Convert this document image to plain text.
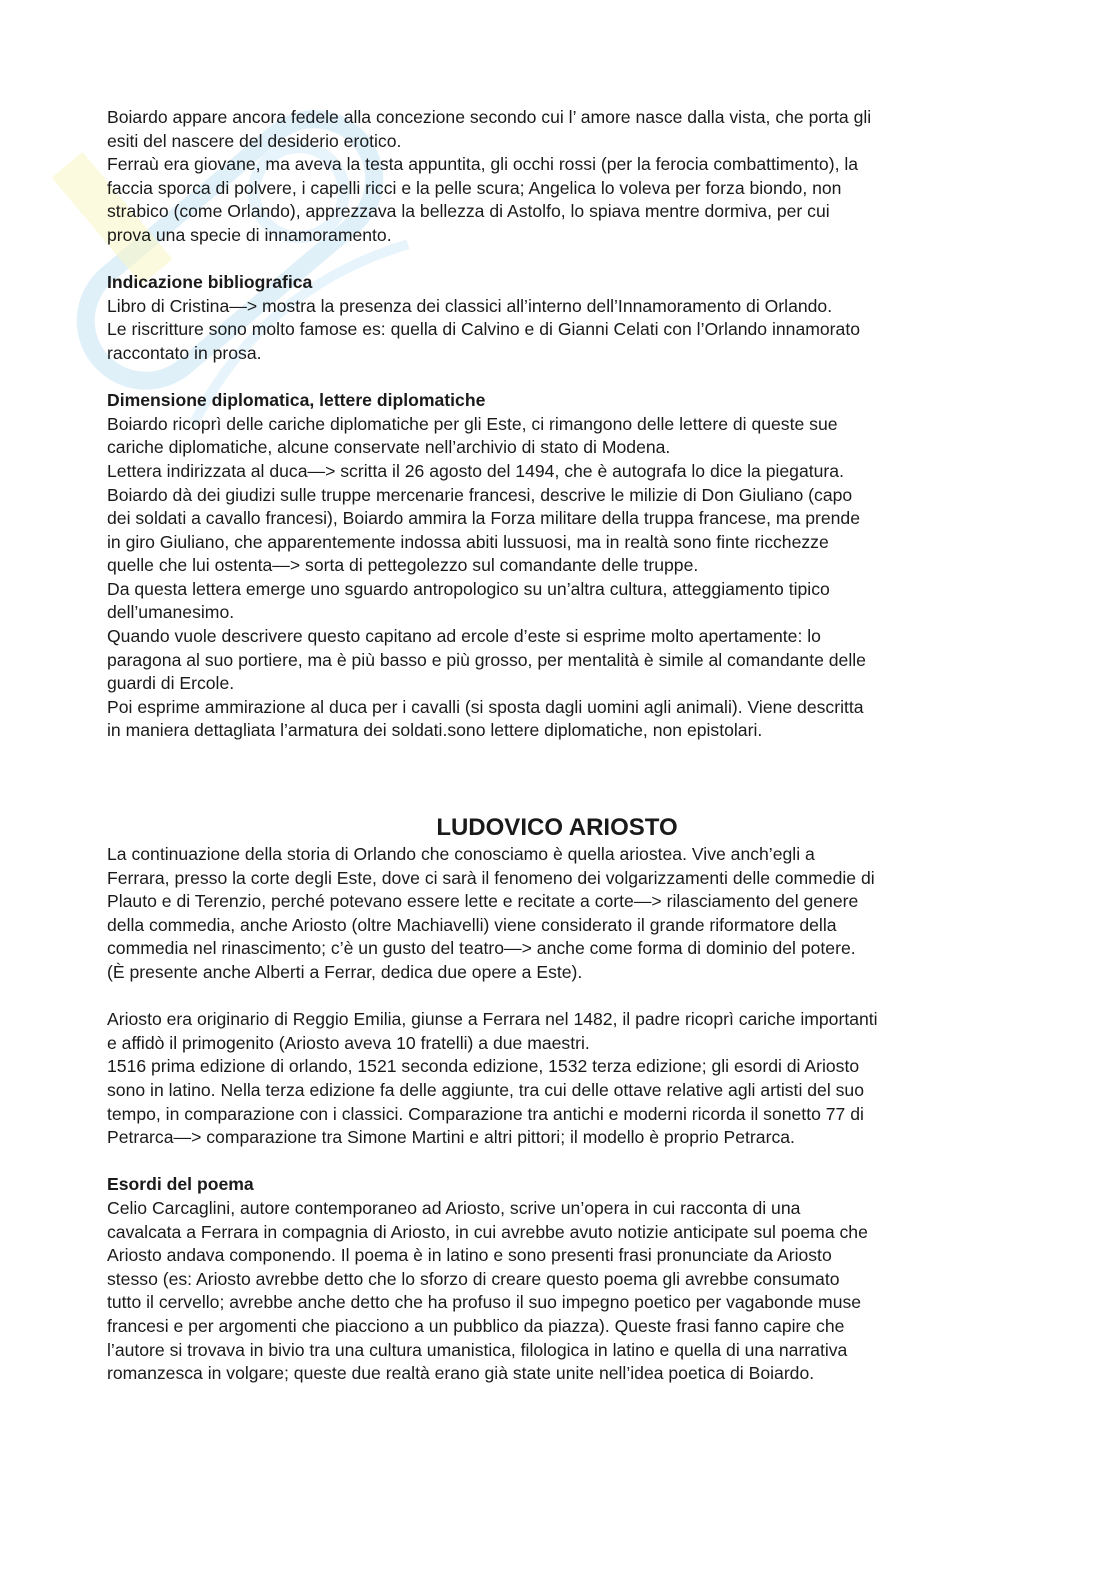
Boiardo appare ancora fedele alla concezione secondo cui l’ amore nasce dalla vista, che porta gli
esiti del nascere del desiderio erotico.
Ferraù era giovane, ma aveva la testa appuntita, gli occhi rossi (per la ferocia combattimento), la
faccia sporca di polvere, i capelli ricci e la pelle scura; Angelica lo voleva per forza biondo, non
strabico (come Orlando), apprezzava la bellezza di Astolfo, lo spiava mentre dormiva, per cui
prova una specie di innamoramento.
Indicazione bibliografica
Libro di Cristina—> mostra la presenza dei classici all’interno dell’Innamoramento di Orlando.
Le riscritture sono molto famose es: quella di Calvino e di Gianni Celati con l’Orlando innamorato
raccontato in prosa.
Dimensione diplomatica, lettere diplomatiche
Boiardo ricoprì delle cariche diplomatiche per gli Este, ci rimangono delle lettere di queste sue
cariche diplomatiche, alcune conservate nell’archivio di stato di Modena.
Lettera indirizzata al duca—> scritta il 26 agosto del 1494, che è autografa lo dice la piegatura.
Boiardo dà dei giudizi sulle truppe mercenarie francesi, descrive le milizie di Don Giuliano (capo
dei soldati a cavallo francesi), Boiardo ammira la Forza militare della truppa francese, ma prende
in giro Giuliano, che apparentemente indossa abiti lussuosi, ma in realtà sono finte ricchezze
quelle che lui ostenta—> sorta di pettegolezzo sul comandante delle truppe.
Da questa lettera emerge uno sguardo antropologico su un’altra cultura, atteggiamento tipico
dell’umanesimo.
Quando vuole descrivere questo capitano ad ercole d’este si esprime molto apertamente: lo
paragona al suo portiere, ma è più basso e più grosso, per mentalità è simile al comandante delle
guardi di Ercole.
Poi esprime ammirazione al duca per i cavalli (si sposta dagli uomini agli animali). Viene descritta
in maniera dettagliata l’armatura dei soldati.sono lettere diplomatiche, non epistolari.
LUDOVICO ARIOSTO
La continuazione della storia di Orlando che conosciamo è quella ariostea. Vive anch’egli a
Ferrara, presso la corte degli Este, dove ci sarà il fenomeno dei volgarizzamenti delle commedie di
Plauto e di Terenzio, perché potevano essere lette e recitate a corte—> rilasciamento del genere
della commedia, anche Ariosto (oltre Machiavelli) viene considerato il grande riformatore della
commedia nel rinascimento; c’è un gusto del teatro—> anche come forma di dominio del potere.
(È presente anche Alberti a Ferrar, dedica due opere a Este).
Ariosto era originario di Reggio Emilia, giunse a Ferrara nel 1482, il padre ricoprì cariche importanti
e affidò il primogenito (Ariosto aveva 10 fratelli) a due maestri.
1516 prima edizione di orlando, 1521 seconda edizione, 1532 terza edizione; gli esordi di Ariosto
sono in latino. Nella terza edizione fa delle aggiunte, tra cui delle ottave relative agli artisti del suo
tempo, in comparazione con i classici. Comparazione tra antichi e moderni ricorda il sonetto 77 di
Petrarca—> comparazione tra Simone Martini e altri pittori; il modello è proprio Petrarca.
Esordi del poema
Celio Carcaglini, autore contemporaneo ad Ariosto, scrive un’opera in cui racconta di una
cavalcata a Ferrara in compagnia di Ariosto, in cui avrebbe avuto notizie anticipate sul poema che
Ariosto andava componendo. Il poema è in latino e sono presenti frasi pronunciate da Ariosto
stesso (es: Ariosto avrebbe detto che lo sforzo di creare questo poema gli avrebbe consumato
tutto il cervello; avrebbe anche detto che ha profuso il suo impegno poetico per vagabonde muse
francesi e per argomenti che piacciono a un pubblico da piazza). Queste frasi fanno capire che
l’autore si trovava in bivio tra una cultura umanistica, filologica in latino e quella di una narrativa
romanzesca in volgare; queste due realtà erano già state unite nell’idea poetica di Boiardo.
